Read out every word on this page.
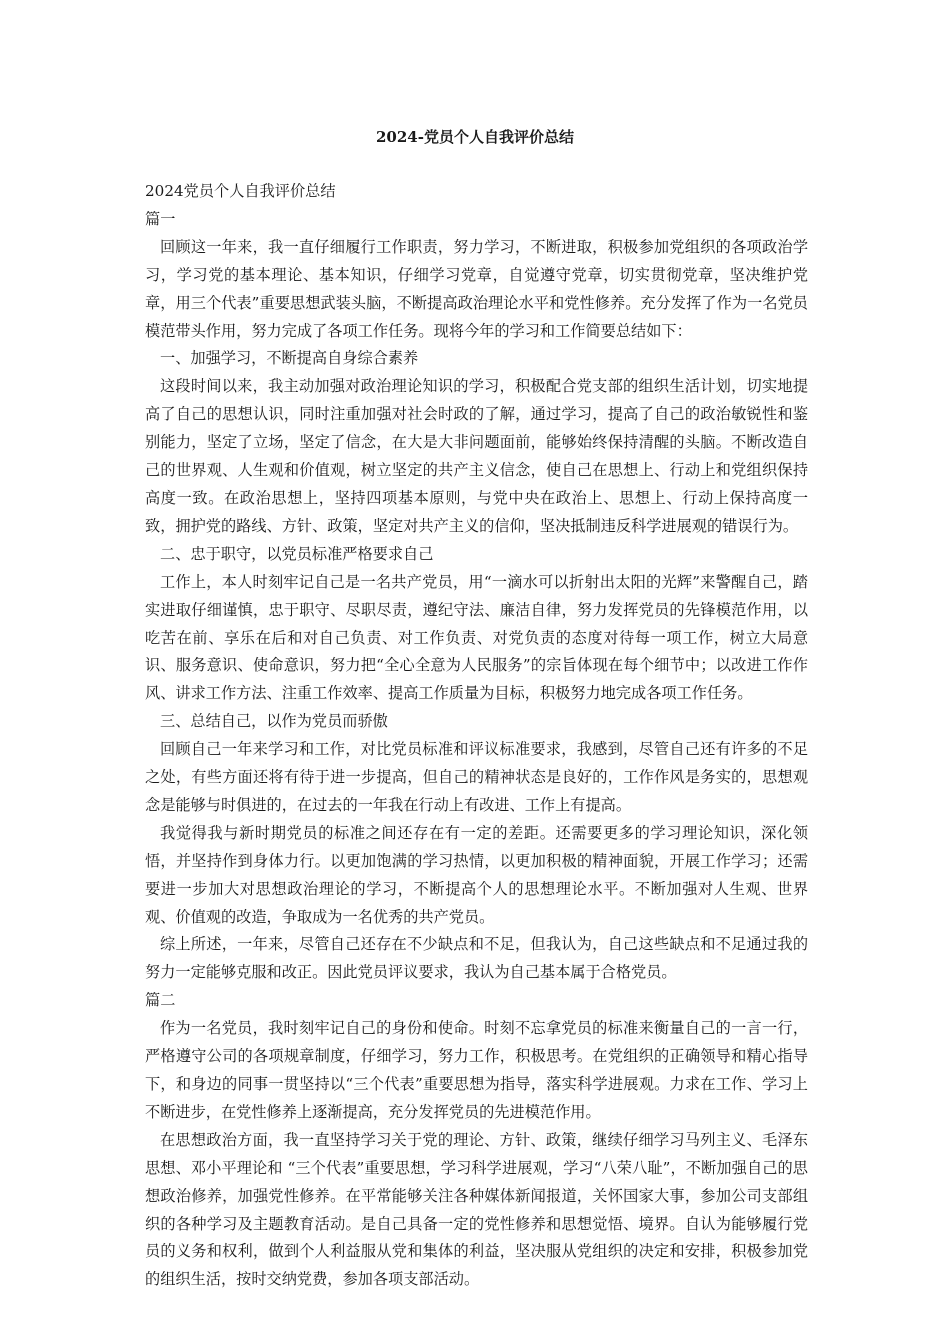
2024-党员个人自我评价总结

2024党员个人自我评价总结

篇一

回顾这一年来，我一直仔细履行工作职责，努力学习，不断进取，积极参加党组织的各项政治学习，学习党的基本理论、基本知识，仔细学习党章，自觉遵守党章，切实贯彻党章，坚决维护党章，用三个代表”重要思想武装头脑，不断提高政治理论水平和党性修养。充分发挥了作为一名党员模范带头作用，努力完成了各项工作任务。现将今年的学习和工作简要总结如下：

一、加强学习，不断提高自身综合素养

这段时间以来，我主动加强对政治理论知识的学习，积极配合党支部的组织生活计划，切实地提高了自己的思想认识，同时注重加强对社会时政的了解，通过学习，提高了自己的政治敏锐性和鉴别能力，坚定了立场，坚定了信念，在大是大非问题面前，能够始终保持清醒的头脑。不断改造自己的世界观、人生观和价值观，树立坚定的共产主义信念，使自己在思想上、行动上和党组织保持高度一致。在政治思想上，坚持四项基本原则，与党中央在政治上、思想上、行动上保持高度一致，拥护党的路线、方针、政策，坚定对共产主义的信仰，坚决抵制违反科学进展观的错误行为。

二、忠于职守，以党员标准严格要求自己

工作上，本人时刻牢记自己是一名共产党员，用“一滴水可以折射出太阳的光辉”来警醒自己，踏实进取仔细谨慎，忠于职守、尽职尽责，遵纪守法、廉洁自律，努力发挥党员的先锋模范作用，以吃苦在前、享乐在后和对自己负责、对工作负责、对党负责的态度对待每一项工作，树立大局意识、服务意识、使命意识，努力把“全心全意为人民服务”的宗旨体现在每个细节中；以改进工作作风、讲求工作方法、注重工作效率、提高工作质量为目标，积极努力地完成各项工作任务。

三、总结自己，以作为党员而骄傲

回顾自己一年来学习和工作，对比党员标准和评议标准要求，我感到，尽管自己还有许多的不足之处，有些方面还将有待于进一步提高，但自己的精神状态是良好的，工作作风是务实的，思想观念是能够与时俱进的，在过去的一年我在行动上有改进、工作上有提高。

我觉得我与新时期党员的标准之间还存在有一定的差距。还需要更多的学习理论知识，深化领悟，并坚持作到身体力行。以更加饱满的学习热情，以更加积极的精神面貌，开展工作学习；还需要进一步加大对思想政治理论的学习，不断提高个人的思想理论水平。不断加强对人生观、世界观、价值观的改造，争取成为一名优秀的共产党员。

综上所述，一年来，尽管自己还存在不少缺点和不足，但我认为，自己这些缺点和不足通过我的努力一定能够克服和改正。因此党员评议要求，我认为自己基本属于合格党员。

篇二

作为一名党员，我时刻牢记自己的身份和使命。时刻不忘拿党员的标准来衡量自己的一言一行，严格遵守公司的各项规章制度，仔细学习，努力工作，积极思考。在党组织的正确领导和精心指导下，和身边的同事一贯坚持以“三个代表”重要思想为指导，落实科学进展观。力求在工作、学习上不断进步，在党性修养上逐渐提高，充分发挥党员的先进模范作用。

在思想政治方面，我一直坚持学习关于党的理论、方针、政策，继续仔细学习马列主义、毛泽东思想、邓小平理论和 “三个代表”重要思想，学习科学进展观，学习“八荣八耻”，不断加强自己的思想政治修养，加强党性修养。在平常能够关注各种媒体新闻报道，关怀国家大事，参加公司支部组织的各种学习及主题教育活动。是自己具备一定的党性修养和思想觉悟、境界。自认为能够履行党员的义务和权利，做到个人利益服从党和集体的利益，坚决服从党组织的决定和安排，积极参加党的组织生活，按时交纳党费，参加各项支部活动。
